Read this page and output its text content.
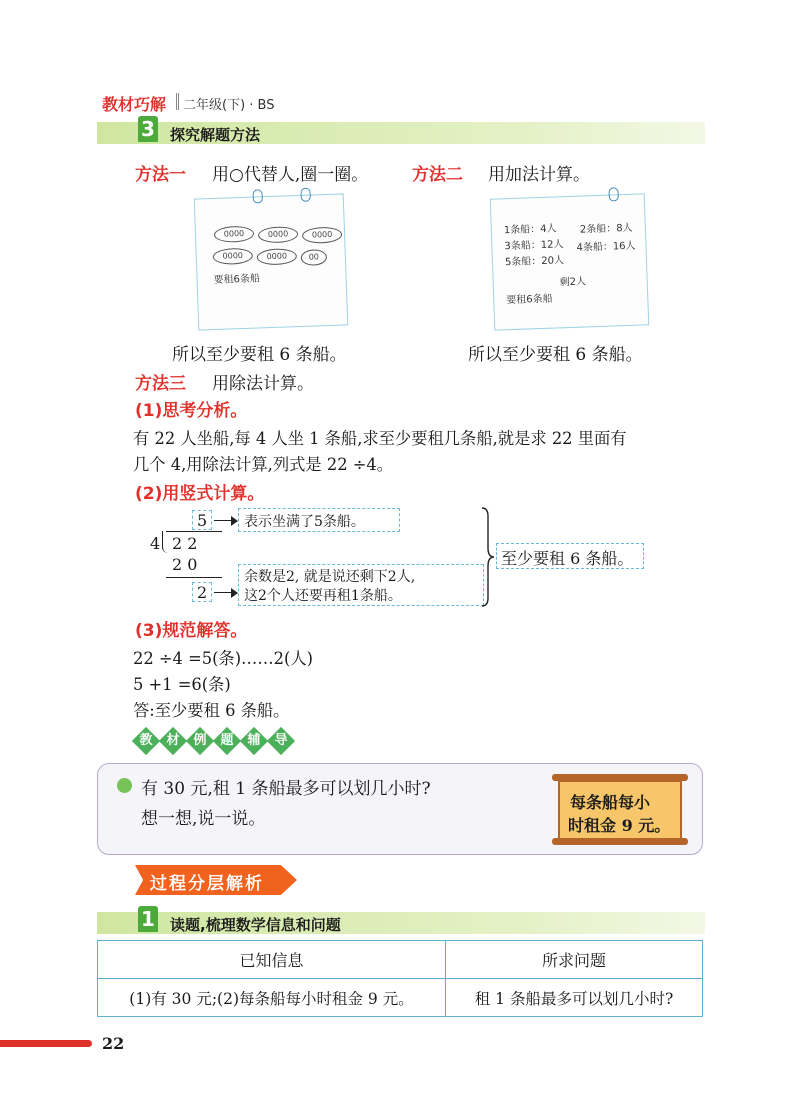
教材巧解 二年级(下) · BS
3 探究解题方法
方法一 用○代替人,圈一圈。	方法二 用加法计算。
0000	0000	0000
0000	0000	00
要租6条船
所以至少要租 6 条船。
1条船：4人 2条船：8人
3条船：12人 4条船：16人
5条船：20人
剩2人
要租6条船
所以至少要租 6 条船。
方法三 用除法计算。
(1)思考分析。
有 22 人坐船,每 4 人坐 1 条船,求至少要租几条船,就是求 22 里面有
几个 4,用除法计算,列式是 22 ÷4。
(2)用竖式计算。
5
4 2 2
2 0
2
表示坐满了5条船。
余数是2, 就是说还剩下2人,
这2个人还要再租1条船。
至少要租 6 条船。
(3)规范解答。
22 ÷4 =5(条)……2(人)
5 +1 =6(条)
答:至少要租 6 条船。
教
材
例
题
辅
导
有 30 元,租 1 条船最多可以划几小时?
想一想,说一说。
每条船每小
时租金 9 元。
过程分层解析
1 读题,梳理数学信息和问题
已知信息	所求问题
(1)有 30 元;(2)每条船每小时租金 9 元。	租 1 条船最多可以划几小时?
22
